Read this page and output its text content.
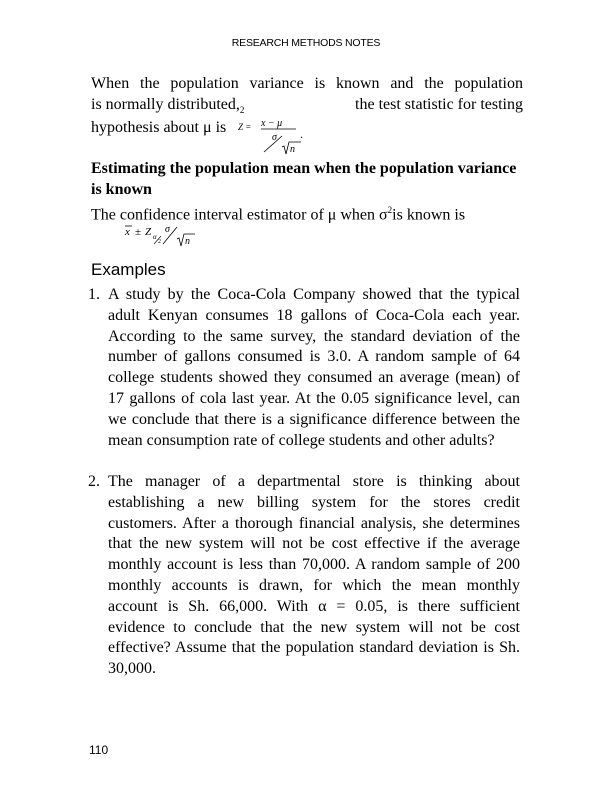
RESEARCH METHODS NOTES
When the population variance is known and the population
is normally $distributed,_2$	the test statistic for testing
hypothesis about μ is	Z = x − μ
σ
n
.
Estimating the population mean when the population variance is known
The confidence interval estimator of μ when $\sigma^2is$ known is
x ± Z α
2
σ
n
Examples
1. A study by the Coca-Cola Company showed that the typical adult Kenyan consumes 18 gallons of Coca-Cola each year. According to the same survey, the standard deviation of the number of gallons consumed is 3.0. A random sample of 64 college students showed they consumed an average (mean) of 17 gallons of cola last year. At the 0.05 significance level, can we conclude that there is a significance difference between the mean consumption rate of college students and other adults?
2. The manager of a departmental store is thinking about establishing a new billing system for the stores credit customers. After a thorough financial analysis, she determines that the new system will not be cost effective if the average monthly account is less than 70,000. A random sample of 200 monthly accounts is drawn, for which the mean monthly account is Sh. 66,000. With α = 0.05, is there sufficient evidence to conclude that the new system will not be cost effective? Assume that the population standard deviation is Sh. 30,000.
110
